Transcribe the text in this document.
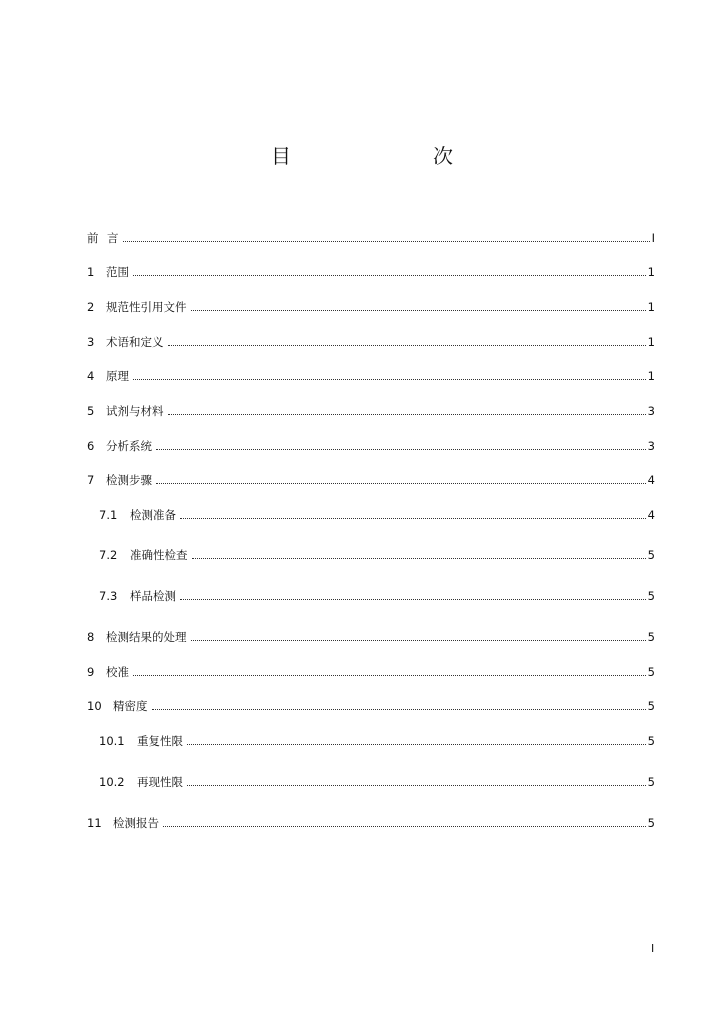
目　　次
前 言	I
1	范围	1
2	规范性引用文件	1
3	术语和定义	1
4	原理	1
5	试剂与材料	3
6	分析系统	3
7	检测步骤	4
7.1	检测准备	4
7.2	准确性检查	5
7.3	样品检测	5
8	检测结果的处理	5
9	校准	5
10 精密度	5
10.1	重复性限	5
10.2	再现性限	5
11 检测报告	5
I
